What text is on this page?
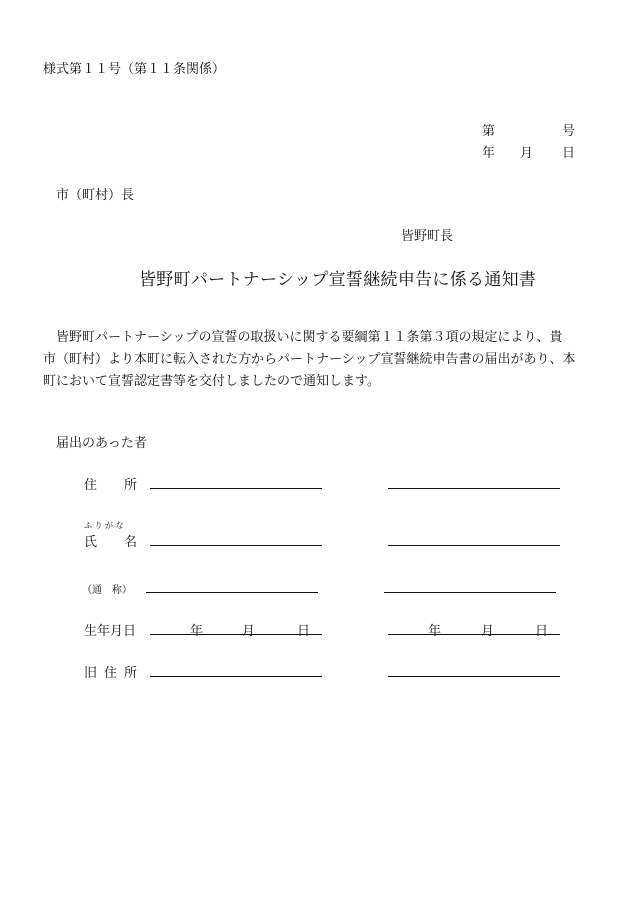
様式第１１号（第１１条関係）
第	号
年 月 日
市（町村）長
皆野町長
皆野町パートナーシップ宣誓継続申告に係る通知書
皆野町パートナーシップの宣誓の取扱いに関する要綱第１１条第３項の規定により、貴
市（町村）より本町に転入された方からパートナーシップ宣誓継続申告書の届出があり、本
町において宣誓認定書等を交付しましたので通知します。
届出のあった者
住 所
ふ り が な
氏 名
（通　称）
生年月日	年	月	日	年	月	日
旧 住 所
